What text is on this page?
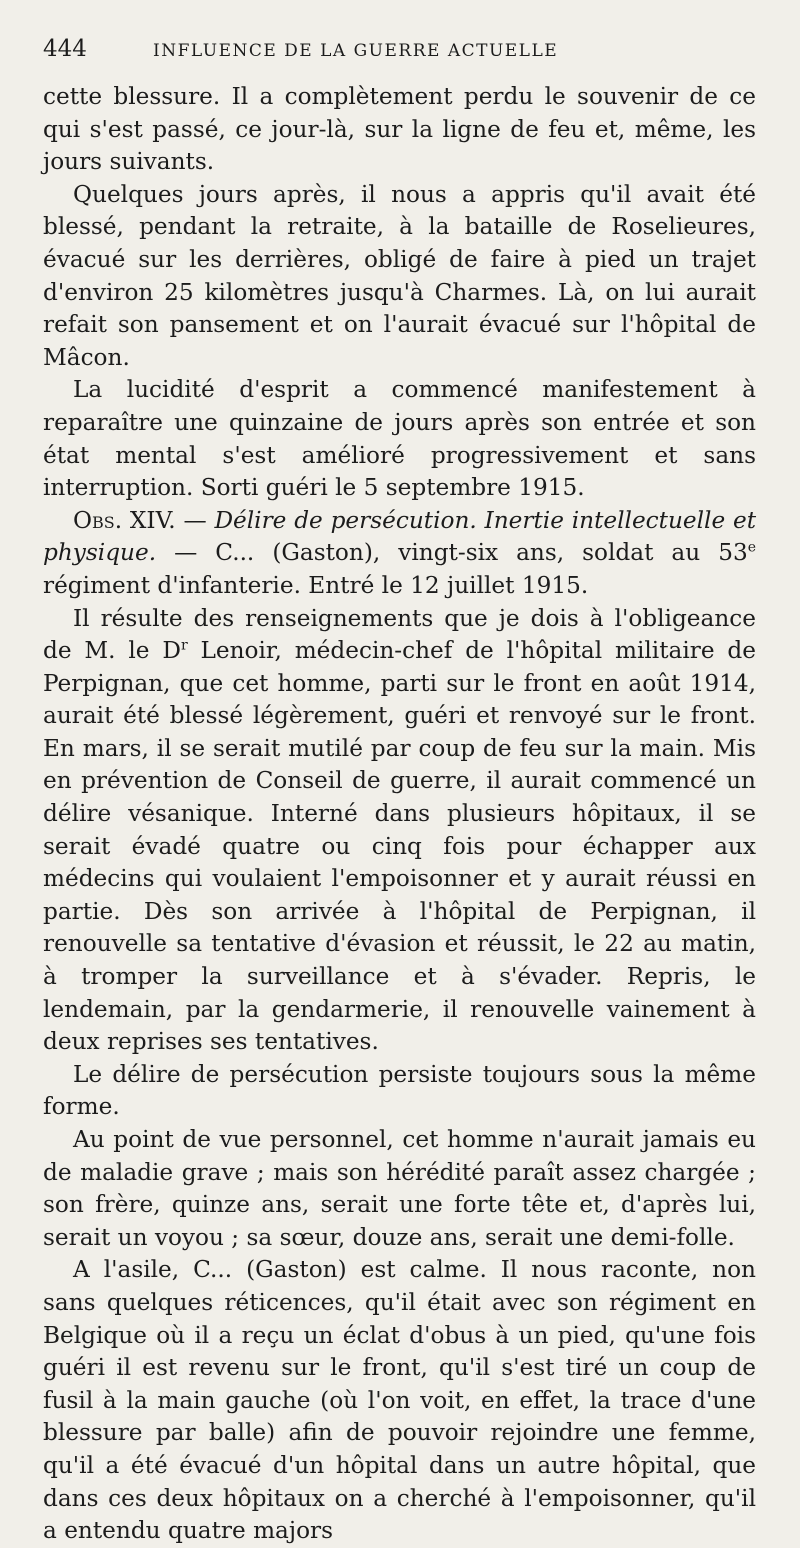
444	INFLUENCE DE LA GUERRE ACTUELLE

cette blessure. Il a complètement perdu le souvenir de ce qui s'est passé, ce jour-là, sur la ligne de feu et, même, les jours suivants.

Quelques jours après, il nous a appris qu'il avait été blessé, pendant la retraite, à la bataille de Roselieures, évacué sur les derrières, obligé de faire à pied un trajet d'environ 25 kilomètres jusqu'à Charmes. Là, on lui aurait refait son pansement et on l'aurait évacué sur l'hôpital de Mâcon.

La lucidité d'esprit a commencé manifestement à reparaître une quinzaine de jours après son entrée et son état mental s'est amélioré progressivement et sans interruption. Sorti guéri le 5 septembre 1915.

Obs. XIV. — Délire de persécution. Inertie intellectuelle et physique. — C... (Gaston), vingt-six ans, soldat au 53e régiment d'infanterie. Entré le 12 juillet 1915.

Il résulte des renseignements que je dois à l'obligeance de M. le $D^r$ Lenoir, médecin-chef de l'hôpital militaire de Perpignan, que cet homme, parti sur le front en août 1914, aurait été blessé légèrement, guéri et renvoyé sur le front. En mars, il se serait mutilé par coup de feu sur la main. Mis en prévention de Conseil de guerre, il aurait commencé un délire vésanique. Interné dans plusieurs hôpitaux, il se serait évadé quatre ou cinq fois pour échapper aux médecins qui voulaient l'empoisonner et y aurait réussi en partie. Dès son arrivée à l'hôpital de Perpignan, il renouvelle sa tentative d'évasion et réussit, le 22 au matin, à tromper la surveillance et à s'évader. Repris, le lendemain, par la gendarmerie, il renouvelle vainement à deux reprises ses tentatives.

Le délire de persécution persiste toujours sous la même forme.

Au point de vue personnel, cet homme n'aurait jamais eu de maladie grave ; mais son hérédité paraît assez chargée ; son frère, quinze ans, serait une forte tête et, d'après lui, serait un voyou ; sa sœur, douze ans, serait une demi-folle.

A l'asile, C... (Gaston) est calme. Il nous raconte, non sans quelques réticences, qu'il était avec son régiment en Belgique où il a reçu un éclat d'obus à un pied, qu'une fois guéri il est revenu sur le front, qu'il s'est tiré un coup de fusil à la main gauche (où l'on voit, en effet, la trace d'une blessure par balle) afin de pouvoir rejoindre une femme, qu'il a été évacué d'un hôpital dans un autre hôpital, que dans ces deux hôpitaux on a cherché à l'empoisonner, qu'il a entendu quatre majors
